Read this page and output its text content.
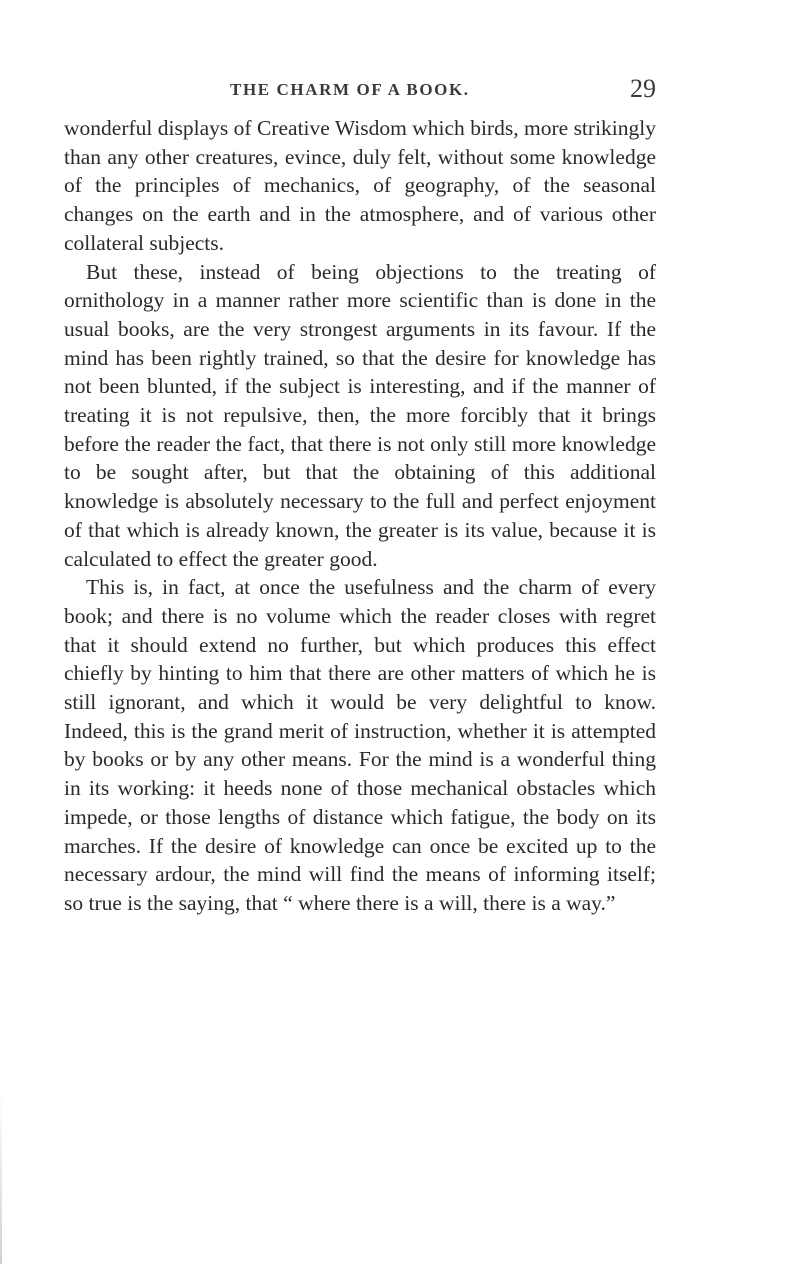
THE CHARM OF A BOOK.	29

wonderful displays of Creative Wisdom which birds, more strikingly than any other creatures, evince, duly felt, without some knowledge of the principles of mechanics, of geography, of the seasonal changes on the earth and in the atmosphere, and of various other collateral subjects.

But these, instead of being objections to the treating of ornithology in a manner rather more scientific than is done in the usual books, are the very strongest arguments in its favour. If the mind has been rightly trained, so that the desire for knowledge has not been blunted, if the subject is interesting, and if the manner of treating it is not repulsive, then, the more forcibly that it brings before the reader the fact, that there is not only still more knowledge to be sought after, but that the obtaining of this additional knowledge is absolutely necessary to the full and perfect enjoyment of that which is already known, the greater is its value, because it is calculated to effect the greater good.

This is, in fact, at once the usefulness and the charm of every book; and there is no volume which the reader closes with regret that it should extend no further, but which produces this effect chiefly by hinting to him that there are other matters of which he is still ignorant, and which it would be very delightful to know. Indeed, this is the grand merit of instruction, whether it is attempted by books or by any other means. For the mind is a wonderful thing in its working: it heeds none of those mechanical obstacles which impede, or those lengths of distance which fatigue, the body on its marches. If the desire of knowledge can once be excited up to the necessary ardour, the mind will find the means of informing itself; so true is the saying, that “ where there is a will, there is a way.”
